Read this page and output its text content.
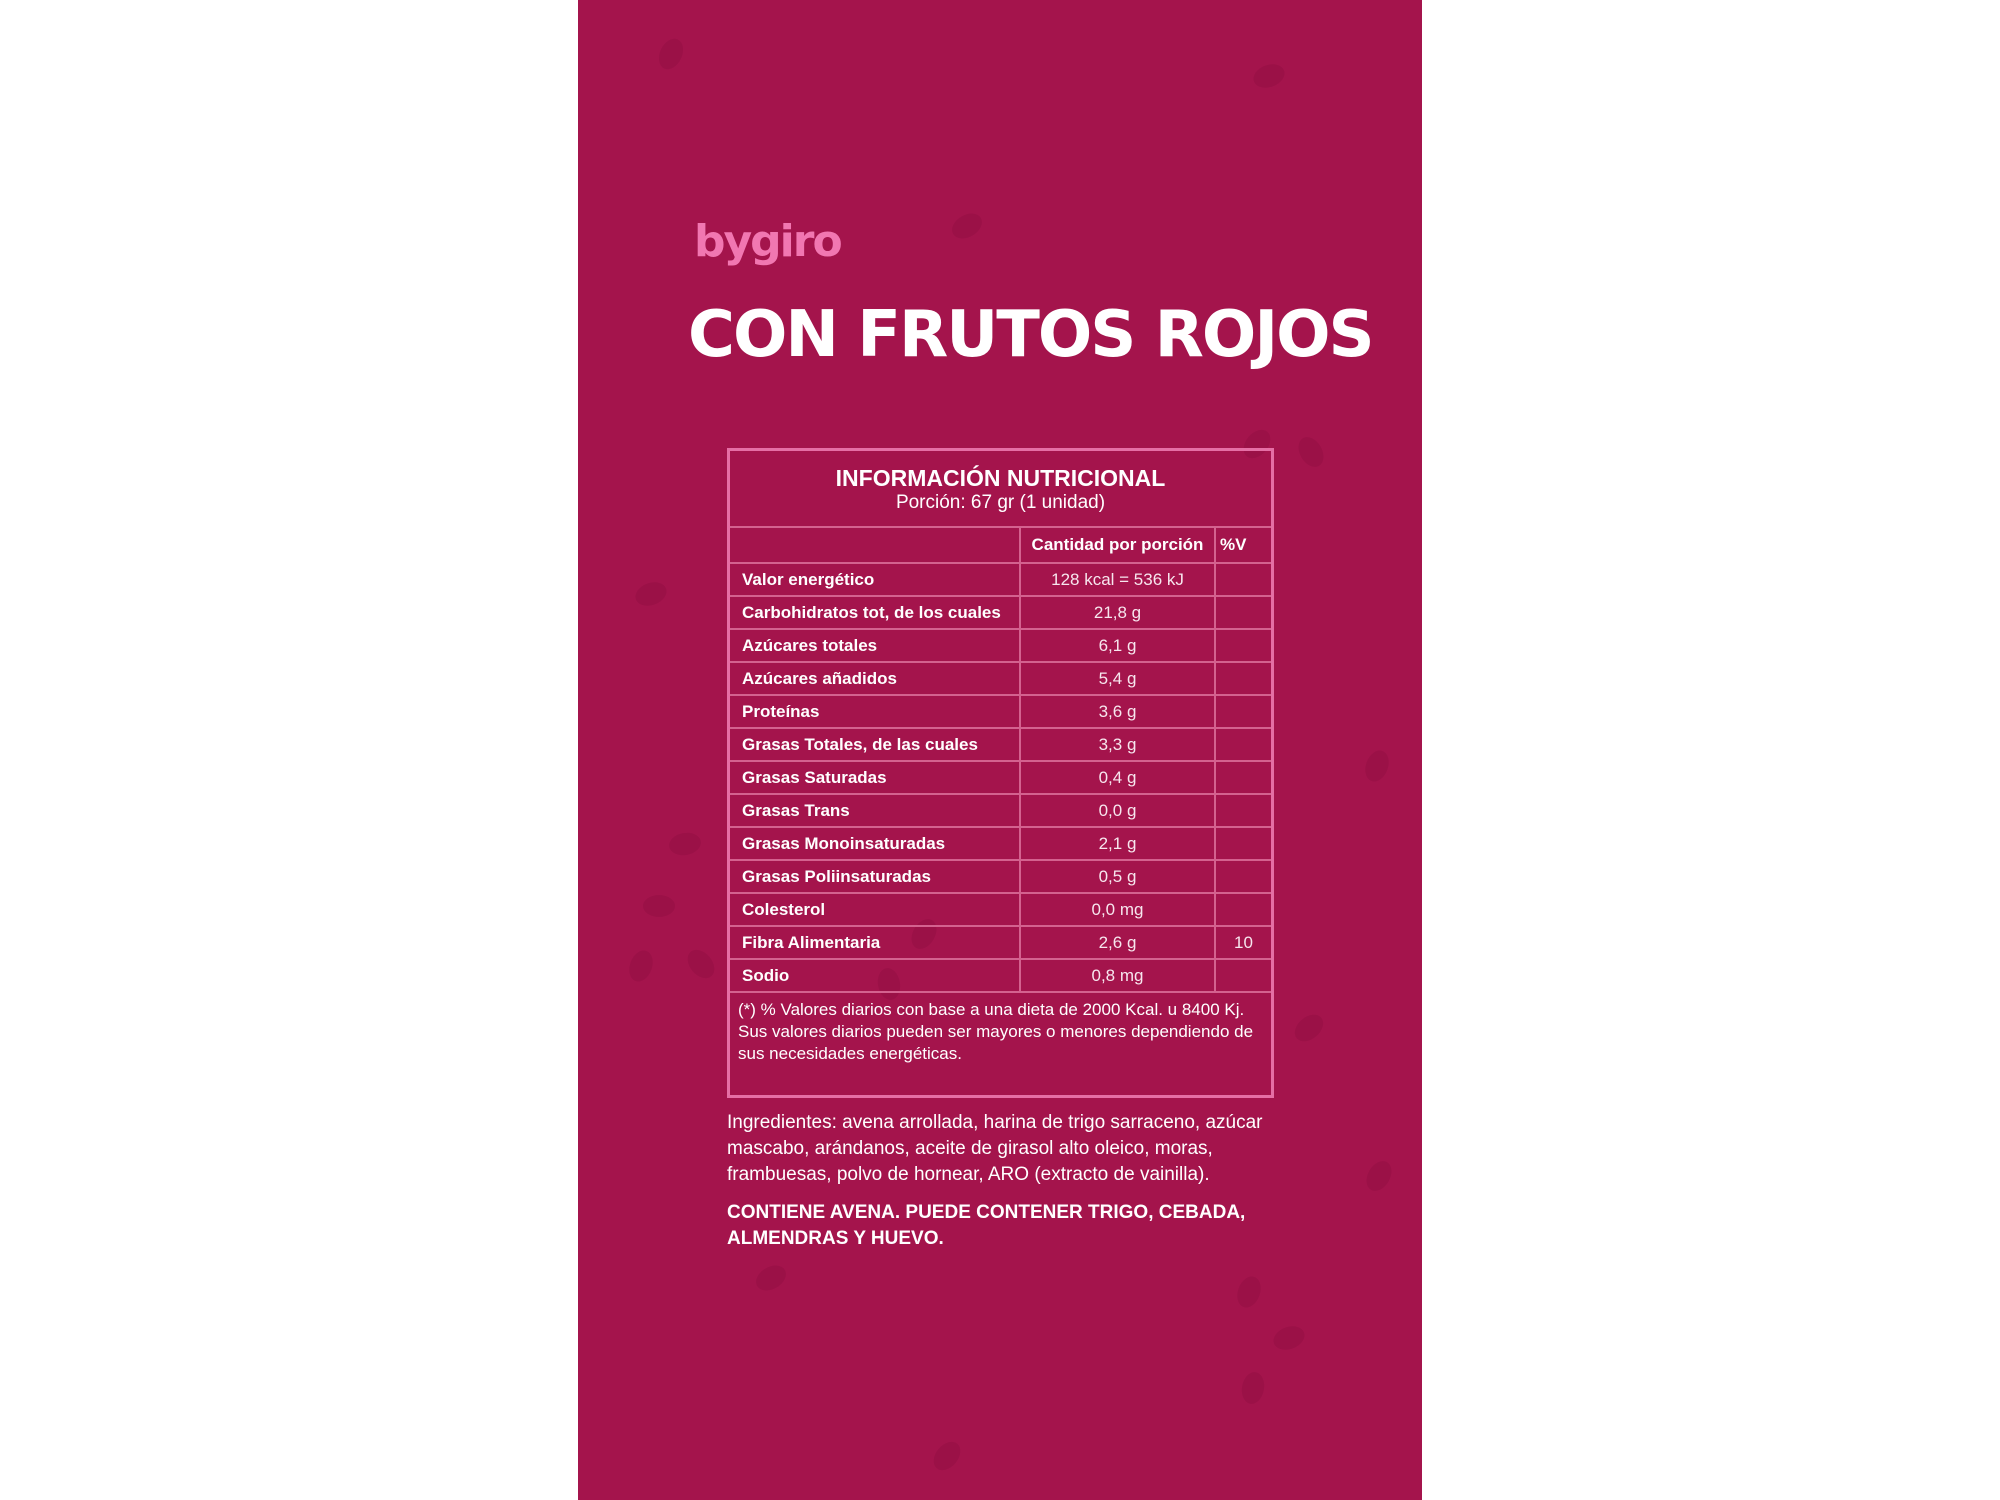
bygiro
CON FRUTOS ROJOS
INFORMACIÓN NUTRICIONAL
Porción: 67 gr (1 unidad)
	Cantidad por porción	%V
Valor energético	128 kcal = 536 kJ	
Carbohidratos tot, de los cuales	21,8 g	
Azúcares totales	6,1 g	
Azúcares añadidos	5,4 g	
Proteínas	3,6 g	
Grasas Totales, de las cuales	3,3 g	
Grasas Saturadas	0,4 g	
Grasas Trans	0,0 g	
Grasas Monoinsaturadas	2,1 g	
Grasas Poliinsaturadas	0,5 g	
Colesterol	0,0 mg	
Fibra Alimentaria	2,6 g	10
Sodio	0,8 mg	
(*) % Valores diarios con base a una dieta de 2000 Kcal. u 8400 Kj. Sus valores diarios pueden ser mayores o menores dependiendo de sus necesidades energéticas.
Ingredientes: avena arrollada, harina de trigo sarraceno, azúcar mascabo, arándanos, aceite de girasol alto oleico, moras, frambuesas, polvo de hornear, ARO (extracto de vainilla).
CONTIENE AVENA. PUEDE CONTENER TRIGO, CEBADA, ALMENDRAS Y HUEVO.
